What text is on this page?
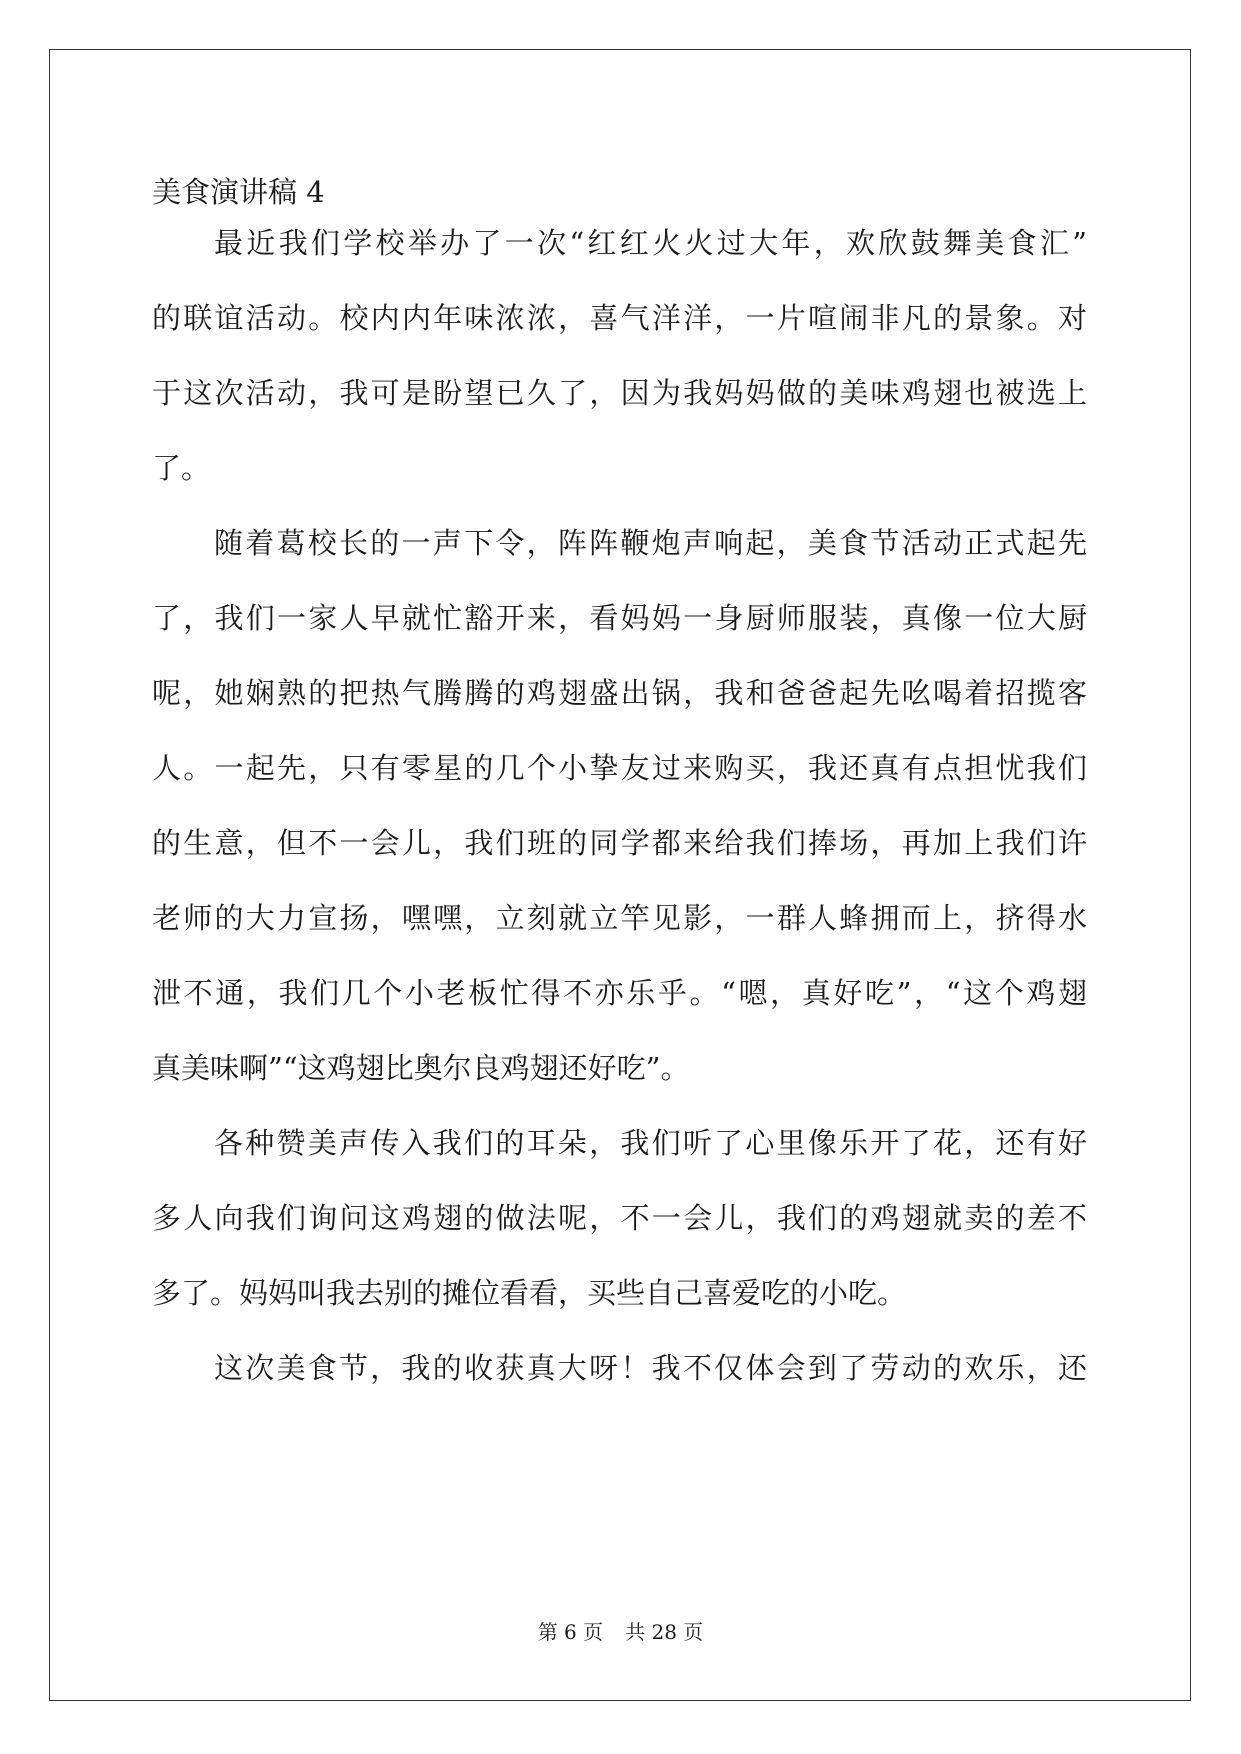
美食演讲稿 4
最近我们学校举办了一次“红红火火过大年，欢欣鼓舞美食汇”
的联谊活动。校内内年味浓浓，喜气洋洋，一片喧闹非凡的景象。对
于这次活动，我可是盼望已久了，因为我妈妈做的美味鸡翅也被选上
了。
随着葛校长的一声下令，阵阵鞭炮声响起，美食节活动正式起先
了，我们一家人早就忙豁开来，看妈妈一身厨师服装，真像一位大厨
呢，她娴熟的把热气腾腾的鸡翅盛出锅，我和爸爸起先吆喝着招揽客
人。一起先，只有零星的几个小挚友过来购买，我还真有点担忧我们
的生意，但不一会儿，我们班的同学都来给我们捧场，再加上我们许
老师的大力宣扬，嘿嘿，立刻就立竿见影，一群人蜂拥而上，挤得水
泄不通，我们几个小老板忙得不亦乐乎。“嗯，真好吃”，“这个鸡翅
真美味啊”“这鸡翅比奥尔良鸡翅还好吃”。
各种赞美声传入我们的耳朵，我们听了心里像乐开了花，还有好
多人向我们询问这鸡翅的做法呢，不一会儿，我们的鸡翅就卖的差不
多了。妈妈叫我去别的摊位看看，买些自己喜爱吃的小吃。
这次美食节，我的收获真大呀！我不仅体会到了劳动的欢乐，还
第 6 页 共 28 页
